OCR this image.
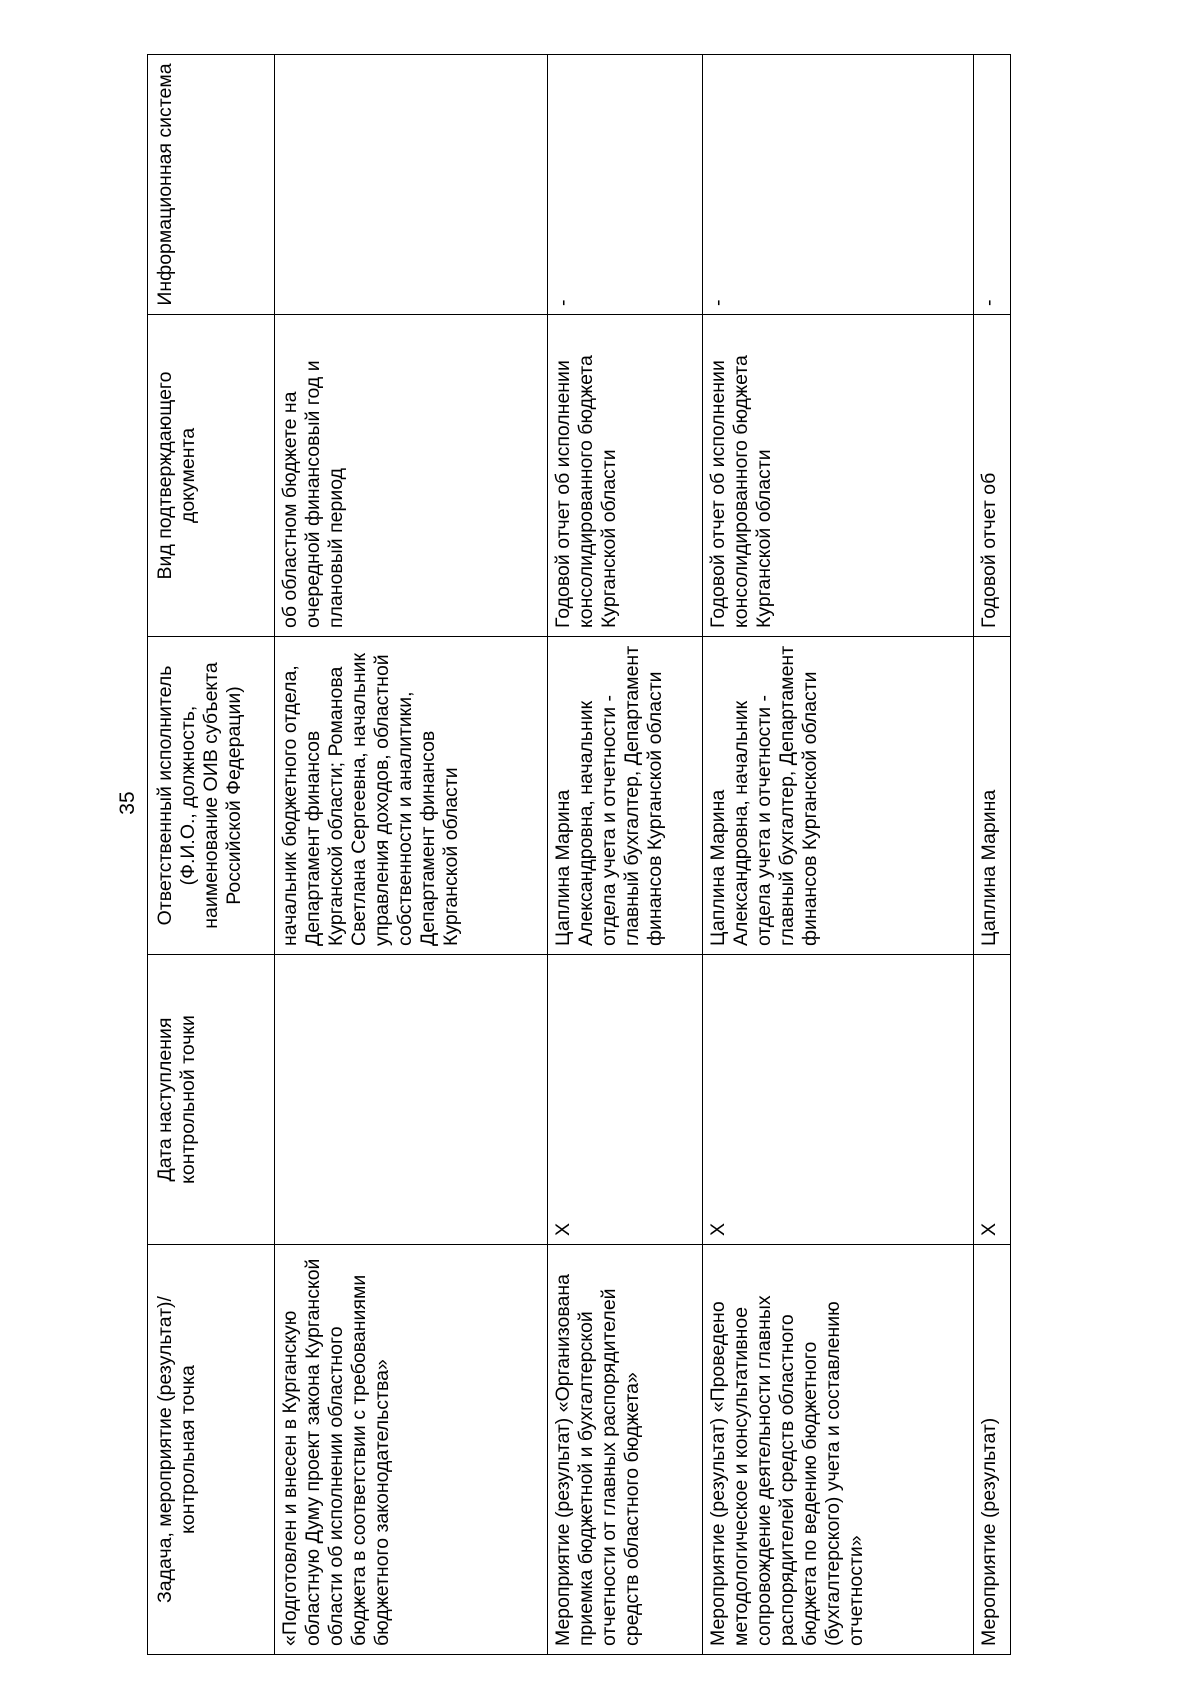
35
Задача, мероприятие (результат)/контрольная точка	Дата наступления контрольной точки	Ответственный исполнитель (Ф.И.О., должность, наименование ОИВ субъекта Российской Федерации)	Вид подтверждающего документа	Информационная система
«Подготовлен и внесен в Курганскую областную Думу проект закона Курганской области об исполнении областного бюджета в соответствии с требованиями бюджетного законодательства»		начальник бюджетного отдела, Департамент финансов Курганской области; Романова Светлана Сергеевна, начальник управления доходов, областной собственности и аналитики, Департамент финансов Курганской области	об областном бюджете на очередной финансовый год и плановый период	
Мероприятие (результат) «Организована приемка бюджетной и бухгалтерской отчетности от главных распорядителей средств областного бюджета»	X	Цаплина Марина Александровна, начальник отдела учета и отчетности - главный бухгалтер, Департамент финансов Курганской области	Годовой отчет об исполнении консолидированного бюджета Курганской области	-
Мероприятие (результат) «Проведено методологическое и консультативное сопровождение деятельности главных распорядителей средств областного бюджета по ведению бюджетного (бухгалтерского) учета и составлению отчетности»	X	Цаплина Марина Александровна, начальник отдела учета и отчетности - главный бухгалтер, Департамент финансов Курганской области	Годовой отчет об исполнении консолидированного бюджета Курганской области	-
Мероприятие (результат)	X	Цаплина Марина	Годовой отчет об	-
